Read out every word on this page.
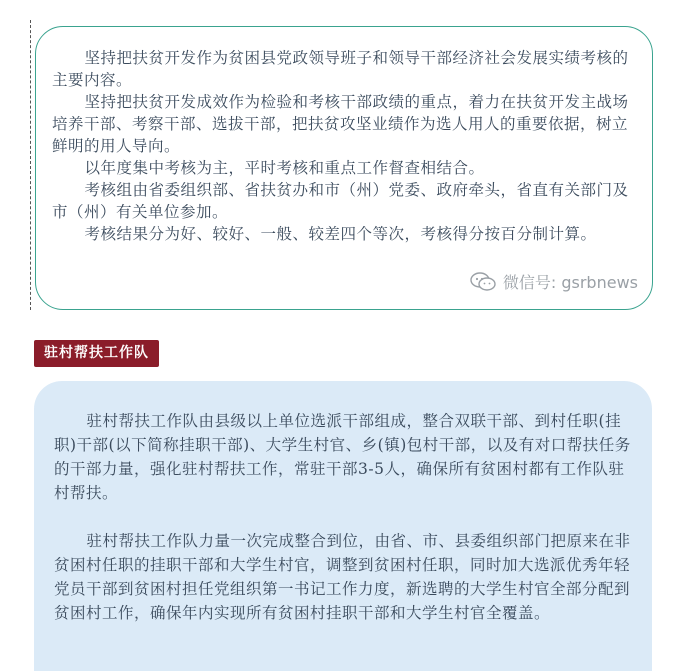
坚持把扶贫开发作为贫困县党政领导班子和领导干部经济社会发展实绩考核的主要内容。

坚持把扶贫开发成效作为检验和考核干部政绩的重点，着力在扶贫开发主战场培养干部、考察干部、选拔干部，把扶贫攻坚业绩作为选人用人的重要依据，树立鲜明的用人导向。

以年度集中考核为主，平时考核和重点工作督查相结合。

考核组由省委组织部、省扶贫办和市（州）党委、政府牵头，省直有关部门及市（州）有关单位参加。

考核结果分为好、较好、一般、较差四个等次，考核得分按百分制计算。

微信号: gsrbnews
驻村帮扶工作队

驻村帮扶工作队由县级以上单位选派干部组成，整合双联干部、到村任职(挂职)干部(以下简称挂职干部)、大学生村官、乡(镇)包村干部，以及有对口帮扶任务的干部力量，强化驻村帮扶工作，常驻干部3-5人，确保所有贫困村都有工作队驻村帮扶。

驻村帮扶工作队力量一次完成整合到位，由省、市、县委组织部门把原来在非贫困村任职的挂职干部和大学生村官，调整到贫困村任职，同时加大选派优秀年轻党员干部到贫困村担任党组织第一书记工作力度，新选聘的大学生村官全部分配到贫困村工作，确保年内实现所有贫困村挂职干部和大学生村官全覆盖。
